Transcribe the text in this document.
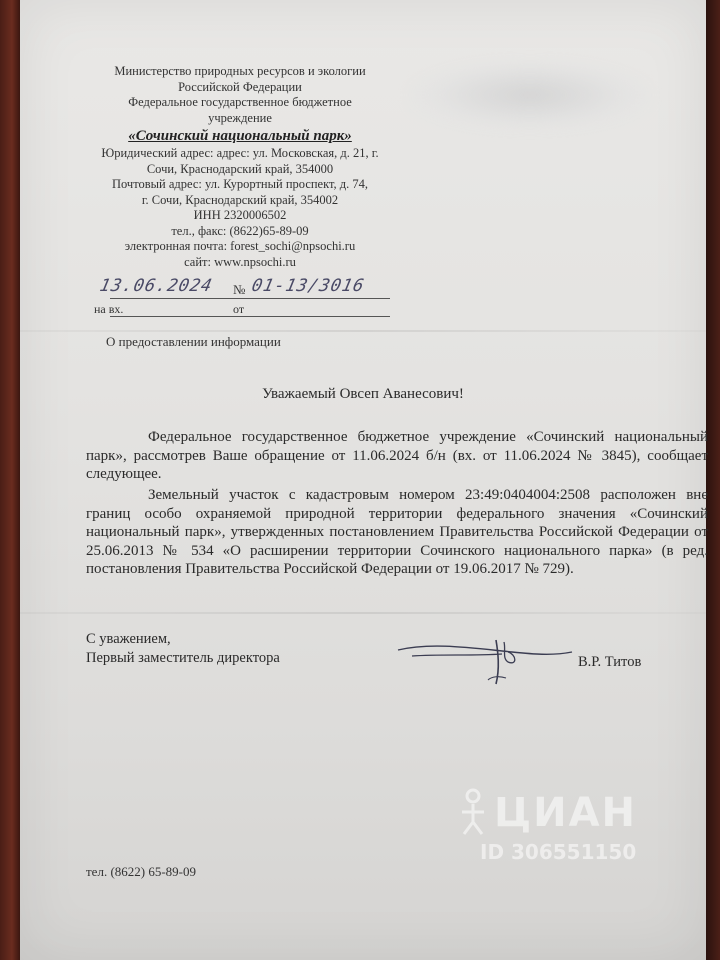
Министерство природных ресурсов и экологии
Российской Федерации
Федеральное государственное бюджетное
учреждение
«Сочинский национальный парк»
Юридический адрес: адрес: ул. Московская, д. 21, г.
Сочи, Краснодарский край, 354000
Почтовый адрес: ул. Курортный проспект, д. 74,
г. Сочи, Краснодарский край, 354002
ИНН 2320006502
тел., факс: (8622)65-89-09
электронная почта: forest_sochi@npsochi.ru
сайт: www.npsochi.ru
13.06.2024 № 01-13/3016
на вх.	от
О предоставлении информации
Уважаемый Овсеп Аванесович!

Федеральное государственное бюджетное учреждение «Сочинский национальный парк», рассмотрев Ваше обращение от 11.06.2024 б/н (вх. от 11.06.2024 № 3845), сообщает следующее.

Земельный участок с кадастровым номером 23:49:0404004:2508 расположен вне границ особо охраняемой природной территории федерального значения «Сочинский национальный парк», утвержденных постановлением Правительства Российской Федерации от 25.06.2013 № 534 «О расширении территории Сочинского национального парка» (в ред. постановления Правительства Российской Федерации от 19.06.2017 № 729).

С уважением,
Первый заместитель директора	В.Р. Титов
ЦИАН
ID 306551150
тел. (8622) 65-89-09
